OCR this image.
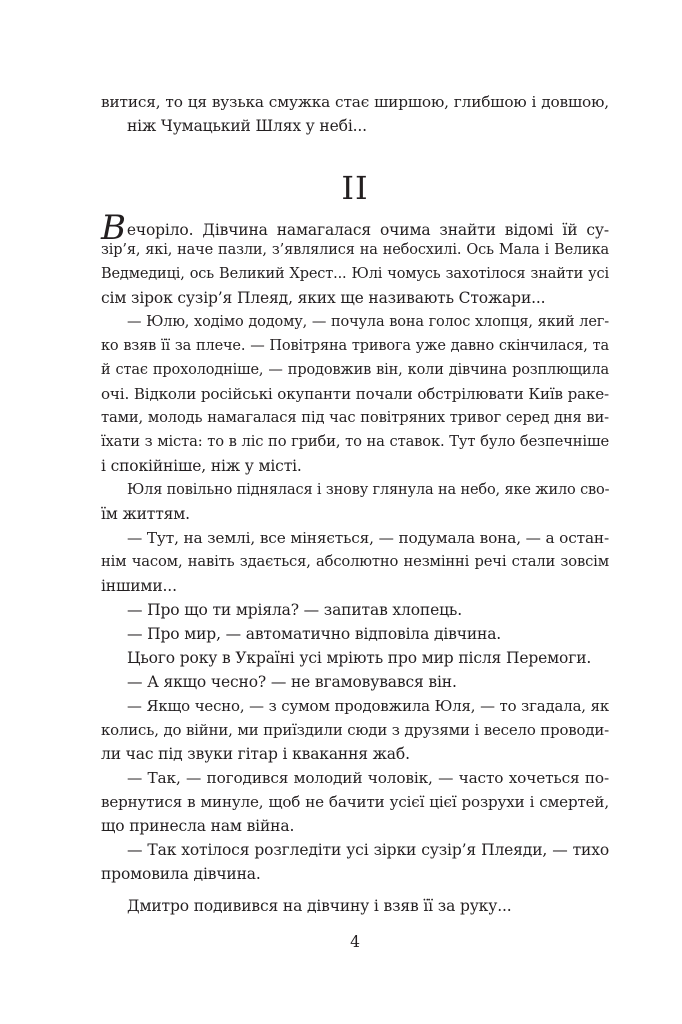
витися, то ця вузька смужка стає ширшою, глибшою і довшою,
ніж Чумацький Шлях у небі...
II
Вечоріло. Дівчина намагалася очима знайти відомі їй су-
зір’я, які, наче пазли, з’являлися на небосхилі. Ось Мала і Велика
Ведмедиці, ось Великий Хрест... Юлі чомусь захотілося знайти усі
сім зірок сузір’я Плеяд, яких ще називають Стожари...
— Юлю, ходімо додому, — почула вона голос хлопця, який лег-
ко взяв її за плече. — Повітряна тривога уже давно скінчилася, та
й стає прохолодніше, — продовжив він, коли дівчина розплющила
очі. Відколи російські окупанти почали обстрілювати Київ раке-
тами, молодь намагалася під час повітряних тривог серед дня ви-
їхати з міста: то в ліс по гриби, то на ставок. Тут було безпечніше
і спокійніше, ніж у місті.
Юля повільно піднялася і знову глянула на небо, яке жило сво-
їм життям.
— Тут, на землі, все міняється, — подумала вона, — а остан-
нім часом, навіть здається, абсолютно незмінні речі стали зовсім
іншими...
— Про що ти мріяла? — запитав хлопець.
— Про мир, — автоматично відповіла дівчина.
Цього року в Україні усі мріють про мир після Перемоги.
— А якщо чесно? — не вгамовувався він.
— Якщо чесно, — з сумом продовжила Юля, — то згадала, як
колись, до війни, ми приїздили сюди з друзями і весело проводи-
ли час під звуки гітар і квакання жаб.
— Так, — погодився молодий чоловік, — часто хочеться по-
вернутися в минуле, щоб не бачити усієї цієї розрухи і смертей,
що принесла нам війна.
— Так хотілося розгледіти усі зірки сузір’я Плеяди, — тихо
промовила дівчина.
Дмитро подивився на дівчину і взяв її за руку...
4
